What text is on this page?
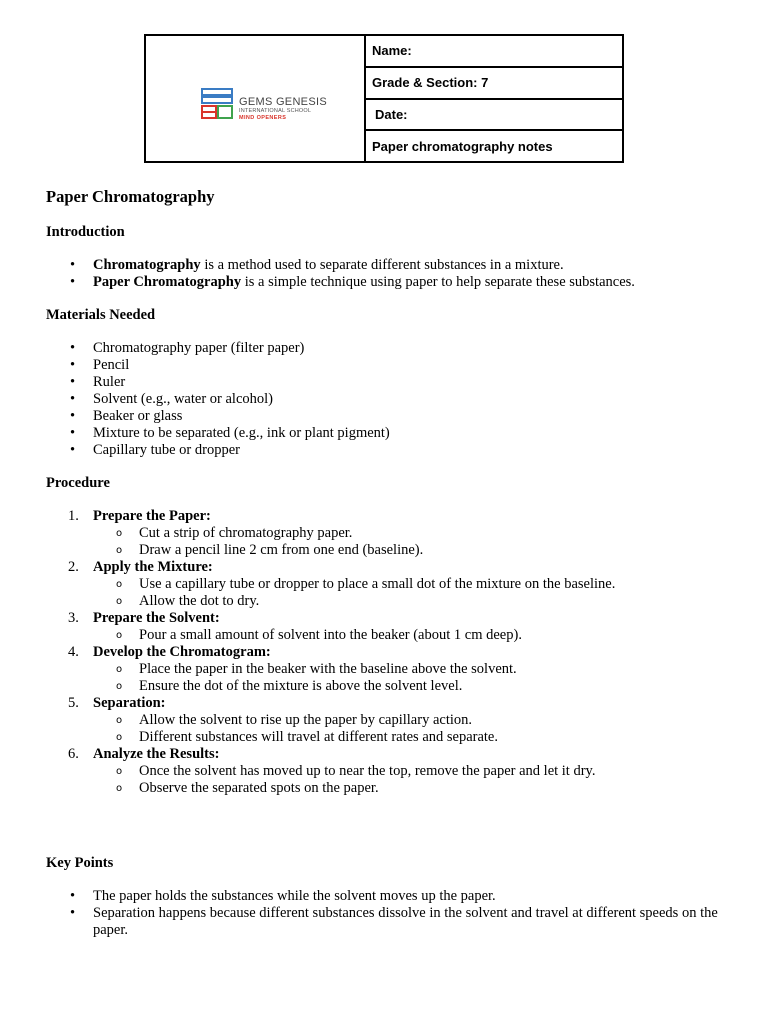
GEMS GENESIS
INTERNATIONAL SCHOOL
MIND OPENERS
Name:
Grade & Section: 7
Date:
Paper chromatography notes
Paper Chromatography
Introduction
• Chromatography is a method used to separate different substances in a mixture.
• Paper Chromatography is a simple technique using paper to help separate these substances.
Materials Needed
• Chromatography paper (filter paper)
• Pencil
• Ruler
• Solvent (e.g., water or alcohol)
• Beaker or glass
• Mixture to be separated (e.g., ink or plant pigment)
• Capillary tube or dropper
Procedure
1. Prepare the Paper:
o Cut a strip of chromatography paper.
o Draw a pencil line 2 cm from one end (baseline).
2. Apply the Mixture:
o Use a capillary tube or dropper to place a small dot of the mixture on the baseline.
o Allow the dot to dry.
3. Prepare the Solvent:
o Pour a small amount of solvent into the beaker (about 1 cm deep).
4. Develop the Chromatogram:
o Place the paper in the beaker with the baseline above the solvent.
o Ensure the dot of the mixture is above the solvent level.
5. Separation:
o Allow the solvent to rise up the paper by capillary action.
o Different substances will travel at different rates and separate.
6. Analyze the Results:
o Once the solvent has moved up to near the top, remove the paper and let it dry.
o Observe the separated spots on the paper.
Key Points
• The paper holds the substances while the solvent moves up the paper.
• Separation happens because different substances dissolve in the solvent and travel at different speeds on the paper.
